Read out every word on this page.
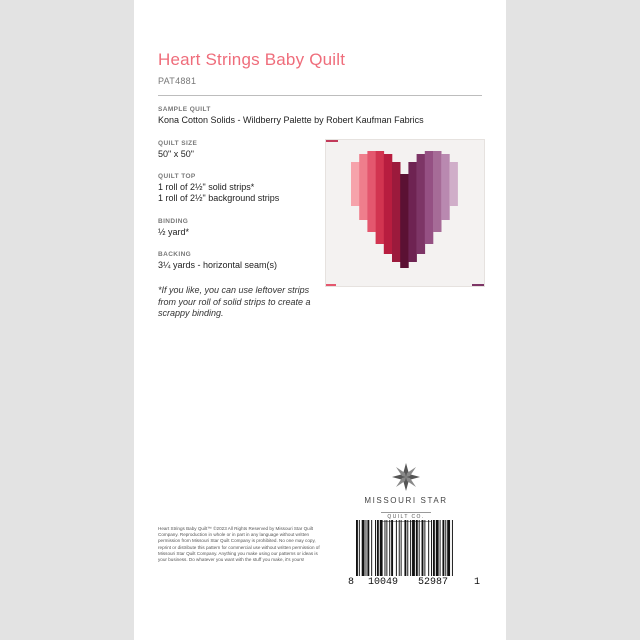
Heart Strings Baby Quilt
PAT4881
SAMPLE QUILT
Kona Cotton Solids - Wildberry Palette by Robert Kaufman Fabrics
QUILT SIZE
50" x 50"
QUILT TOP
1 roll of 2½" solid strips*
1 roll of 2½" background strips
BINDING
½ yard*
BACKING
3¼ yards - horizontal seam(s)
*If you like, you can use leftover strips from your roll of solid strips to create a scrappy binding.
MISSOURI STAR
QUILT CO.
Heart Strings Baby Quilt™ ©2023 All Rights Reserved by Missouri Star Quilt Company. Reproduction in whole or in part in any language without written permission from Missouri Star Quilt Company is prohibited. No one may copy, reprint or distribute this pattern for commercial use without written permission of Missouri Star Quilt Company. Anything you make using our patterns or ideas is your business. Do whatever you want with the stuff you make, it's yours!
8 10049 52987	1
